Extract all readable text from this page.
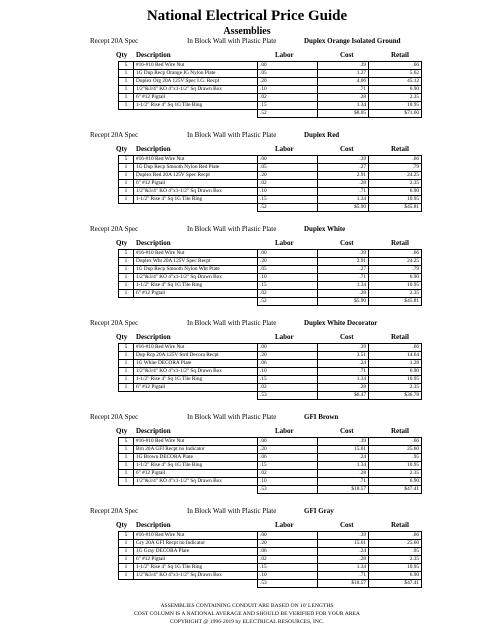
National Electrical Price Guide
Assemblies
Recept 20A Spec	In Block Wall with Plastic Plate	Duplex Orange Isolated Ground
Qty Description	Labor	Cost	Retail
5	#16-#10 Red Wire Nut	.00	.39	.66
1	1G Dup Recp Orange IG Nylon Plate	.05	1.27	5.62
1	Duplex Org 20A 125V Spec I.G. Recpt	.20	4.06	45.12
1	1/2"&3/4" KO 4"x1-1/2" Sq Drawn Box	.10	.71	6.90
1	6" #12 Pigtail	.02	.28	2.35
1	1-1/2" Rise 4" Sq 1G Tile Ring	.15	1.34	10.95
		.52	$8.05	$71.60
Recept 20A Spec	In Block Wall with Plastic Plate	Duplex Red
Qty Description	Labor	Cost	Retail
5	#16-#10 Red Wire Nut	.00	.39	.66
1	1G Dup Recp Smooth Nylon Red Plate	.05	.27	.79
1	Duplex Red 20A 125V Spec Recpt	.20	2.91	24.25
1	6" #12 Pigtail	.02	.28	2.35
1	1/2"&3/4" KO 4"x1-1/2" Sq Drawn Box	.10	.71	6.90
1	1-1/2" Rise 4" Sq 1G Tile Ring	.15	1.34	10.95
		.52	$5.90	$45.81
Recept 20A Spec	In Block Wall with Plastic Plate	Duplex White
Qty Description	Labor	Cost	Retail
5	#16-#10 Red Wire Nut	.00	.39	.66
1	Duplex Wht 20A 125V Spec Recpt	.20	2.91	24.25
1	1G Dup Recp Smooth Nylon Wht Plate	.05	.27	.79
1	1/2"&3/4" KO 4"x1-1/2" Sq Drawn Box	.10	.71	6.90
1	1-1/2" Rise 4" Sq 1G Tile Ring	.15	1.34	10.95
1	6" #12 Pigtail	.02	.28	2.35
		.52	$5.90	$45.81
Recept 20A Spec	In Block Wall with Plastic Plate	Duplex White Decorator
Qty Description	Labor	Cost	Retail
5	#16-#10 Red Wire Nut	.00	.39	.66
1	Dup Rcp 20A 125V Strd Decora Recpt	.20	3.51	14.64
1	1G White DECORA Plate	.06	.24	1.28
1	1/2"&3/4" KO 4"x1-1/2" Sq Drawn Box	.10	.71	6.90
1	1-1/2" Rise 4" Sq 1G Tile Ring	.15	1.34	10.95
1	6" #12 Pigtail	.02	.28	2.35
		.53	$6.47	$36.78
Recept 20A Spec	In Block Wall with Plastic Plate	GFI Brown
Qty Description	Labor	Cost	Retail
5	#16-#10 Red Wire Nut	.00	.39	.66
1	Brn 20A GFI Recpt no Indicator	.20	15.61	25.60
1	1G Brown DECORA Plate	.06	.24	.95
1	1-1/2" Rise 4" Sq 1G Tile Ring	.15	1.34	10.95
1	6" #12 Pigtail	.02	.28	2.35
1	1/2"&3/4" KO 4"x1-1/2" Sq Drawn Box	.10	.71	6.90
		.53	$18.57	$47.41
Recept 20A Spec	In Block Wall with Plastic Plate	GFI Gray
Qty Description	Labor	Cost	Retail
5	#16-#10 Red Wire Nut	.00	.39	.66
1	Gry 20A GFI Recpt no Indicator	.20	15.61	25.60
1	1G Gray DECORA Plate	.06	.24	.95
1	6" #12 Pigtail	.02	.28	2.35
1	1-1/2" Rise 4" Sq 1G Tile Ring	.15	1.34	10.95
1	1/2"&3/4" KO 4"x1-1/2" Sq Drawn Box	.10	.71	6.90
		.53	$18.57	$47.41
ASSEMBLIES CONTAINING CONDUIT ARE BASED ON 10' LENGTHS
COST COLUMN IS A NATIONAL AVERAGE AND SHOULD BE VERIFIED FOR YOUR AREA
COPYRIGHT @ 1996-2019 by ELECTRICAL RESOURCES, INC.
